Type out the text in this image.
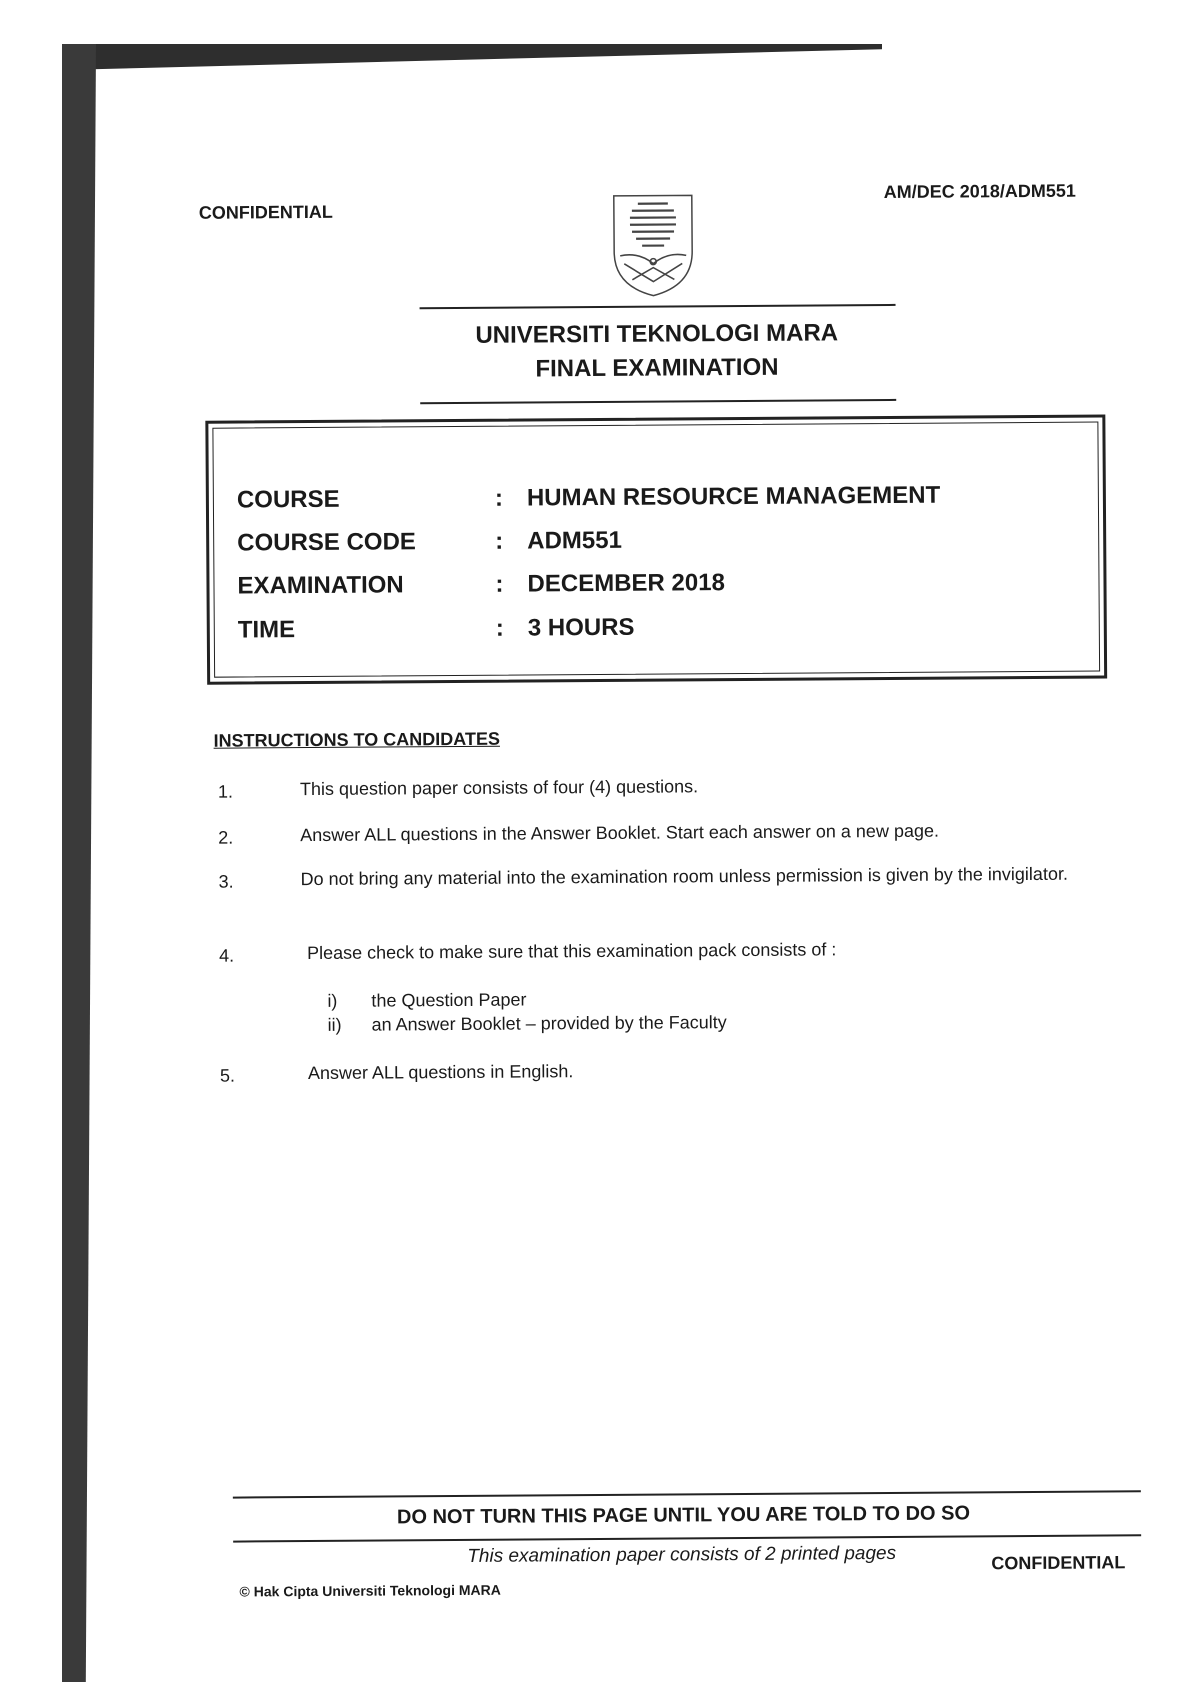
CONFIDENTIAL
AM/DEC 2018/ADM551
UNIVERSITI TEKNOLOGI MARA
FINAL EXAMINATION
COURSE	: HUMAN RESOURCE MANAGEMENT
COURSE CODE	: ADM551
EXAMINATION	: DECEMBER 2018
TIME	: 3 HOURS
INSTRUCTIONS TO CANDIDATES
1.	This question paper consists of four (4) questions.
2.	Answer ALL questions in the Answer Booklet. Start each answer on a new page.
3.	Do not bring any material into the examination room unless permission is given by the invigilator.
4.	Please check to make sure that this examination pack consists of :
i)	the Question Paper
ii)	an Answer Booklet – provided by the Faculty
5.	Answer ALL questions in English.
DO NOT TURN THIS PAGE UNTIL YOU ARE TOLD TO DO SO
This examination paper consists of 2 printed pages
© Hak Cipta Universiti Teknologi MARA
CONFIDENTIAL
